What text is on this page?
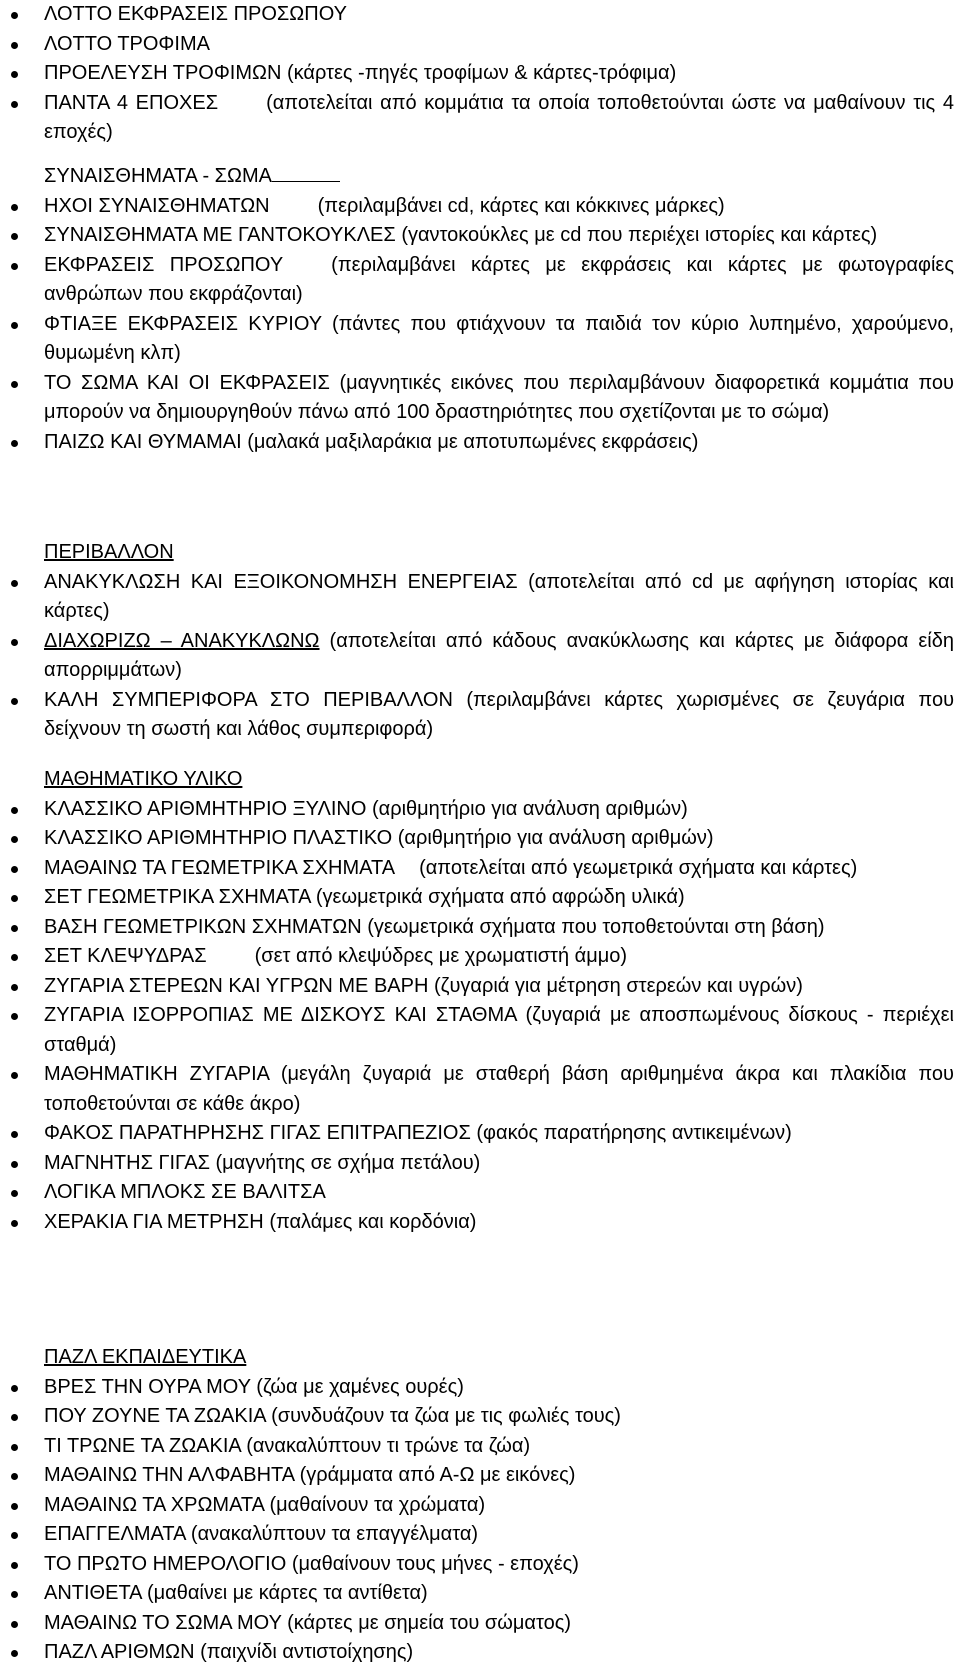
ΛΟΤΤΟ ΕΚΦΡΑΣΕΙΣ ΠΡΟΣΩΠΟΥ
ΛΟΤΤΟ ΤΡΟΦΙΜΑ
ΠΡΟΕΛΕΥΣΗ ΤΡΟΦΙΜΩΝ (κάρτες -πηγές τροφίμων & κάρτες-τρόφιμα)
ΠΑΝΤΑ 4 ΕΠΟΧΕΣ (αποτελείται από κομμάτια τα οποία τοποθετούνται ώστε να μαθαίνουν τις 4 εποχές)
ΣΥΝΑΙΣΘΗΜΑΤΑ - ΣΩΜΑ
ΗΧΟΙ ΣΥΝΑΙΣΘΗΜΑΤΩΝ (περιλαμβάνει cd, κάρτες και κόκκινες μάρκες)
ΣΥΝΑΙΣΘΗΜΑΤΑ ΜΕ ΓΑΝΤΟΚΟΥΚΛΕΣ (γαντοκούκλες με cd που περιέχει ιστορίες και κάρτες)
ΕΚΦΡΑΣΕΙΣ ΠΡΟΣΩΠΟΥ (περιλαμβάνει κάρτες με εκφράσεις και κάρτες με φωτογραφίες ανθρώπων που εκφράζονται)
ΦΤΙΑΞΕ ΕΚΦΡΑΣΕΙΣ ΚΥΡΙΟΥ (πάντες που φτιάχνουν τα παιδιά τον κύριο λυπημένο, χαρούμενο, θυμωμένη κλπ)
ΤΟ ΣΩΜΑ ΚΑΙ ΟΙ ΕΚΦΡΑΣΕΙΣ (μαγνητικές εικόνες που περιλαμβάνουν διαφορετικά κομμάτια που μπορούν να δημιουργηθούν πάνω από 100 δραστηριότητες που σχετίζονται με το σώμα)
ΠΑΙΖΩ ΚΑΙ ΘΥΜΑΜΑΙ (μαλακά μαξιλαράκια με αποτυπωμένες εκφράσεις)
ΠΕΡΙΒΑΛΛΟΝ
ΑΝΑΚΥΚΛΩΣΗ ΚΑΙ ΕΞΟΙΚΟΝΟΜΗΣΗ ΕΝΕΡΓΕΙΑΣ (αποτελείται από cd με αφήγηση ιστορίας και κάρτες)
ΔΙΑΧΩΡΙΖΩ – ΑΝΑΚΥΚΛΩΝΩ (αποτελείται από κάδους ανακύκλωσης και κάρτες με διάφορα είδη απορριμμάτων)
ΚΑΛΗ ΣΥΜΠΕΡΙΦΟΡΑ ΣΤΟ ΠΕΡΙΒΑΛΛΟΝ (περιλαμβάνει κάρτες χωρισμένες σε ζευγάρια που δείχνουν τη σωστή και λάθος συμπεριφορά)
ΜΑΘΗΜΑΤΙΚΟ ΥΛΙΚΟ
ΚΛΑΣΣΙΚΟ ΑΡΙΘΜΗΤΗΡΙΟ ΞΥΛΙΝΟ (αριθμητήριο για ανάλυση αριθμών)
ΚΛΑΣΣΙΚΟ ΑΡΙΘΜΗΤΗΡΙΟ ΠΛΑΣΤΙΚΟ (αριθμητήριο για ανάλυση αριθμών)
ΜΑΘΑΙΝΩ ΤΑ ΓΕΩΜΕΤΡΙΚΑ ΣΧΗΜΑΤΑ (αποτελείται από γεωμετρικά σχήματα και κάρτες)
ΣΕΤ ΓΕΩΜΕΤΡΙΚΑ ΣΧΗΜΑΤΑ (γεωμετρικά σχήματα από αφρώδη υλικά)
ΒΑΣΗ ΓΕΩΜΕΤΡΙΚΩΝ ΣΧΗΜΑΤΩΝ (γεωμετρικά σχήματα που τοποθετούνται στη βάση)
ΣΕΤ ΚΛΕΨΥΔΡΑΣ (σετ από κλεψύδρες με χρωματιστή άμμο)
ΖΥΓΑΡΙΑ ΣΤΕΡΕΩΝ ΚΑΙ ΥΓΡΩΝ ΜΕ ΒΑΡΗ (ζυγαριά για μέτρηση στερεών και υγρών)
ΖΥΓΑΡΙΑ ΙΣΟΡΡΟΠΙΑΣ ΜΕ ΔΙΣΚΟΥΣ ΚΑΙ ΣΤΑΘΜΑ (ζυγαριά με αποσπωμένους δίσκους - περιέχει σταθμά)
ΜΑΘΗΜΑΤΙΚΗ ΖΥΓΑΡΙΑ (μεγάλη ζυγαριά με σταθερή βάση αριθμημένα άκρα και πλακίδια που τοποθετούνται σε κάθε άκρο)
ΦΑΚΟΣ ΠΑΡΑΤΗΡΗΣΗΣ ΓΙΓΑΣ ΕΠΙΤΡΑΠΕΖΙΟΣ (φακός παρατήρησης αντικειμένων)
ΜΑΓΝΗΤΗΣ ΓΙΓΑΣ (μαγνήτης σε σχήμα πετάλου)
ΛΟΓΙΚΑ ΜΠΛΟΚΣ ΣΕ ΒΑΛΙΤΣΑ
ΧΕΡΑΚΙΑ ΓΙΑ ΜΕΤΡΗΣΗ (παλάμες και κορδόνια)
ΠΑΖΛ ΕΚΠΑΙΔΕΥΤΙΚΑ
ΒΡΕΣ ΤΗΝ ΟΥΡΑ ΜΟΥ (ζώα με χαμένες ουρές)
ΠΟΥ ΖΟΥΝΕ ΤΑ ΖΩΑΚΙΑ (συνδυάζουν τα ζώα με τις φωλιές τους)
ΤΙ ΤΡΩΝΕ ΤΑ ΖΩΑΚΙΑ (ανακαλύπτουν τι τρώνε τα ζώα)
ΜΑΘΑΙΝΩ ΤΗΝ ΑΛΦΑΒΗΤΑ (γράμματα από Α-Ω με εικόνες)
ΜΑΘΑΙΝΩ ΤΑ ΧΡΩΜΑΤΑ (μαθαίνουν τα χρώματα)
ΕΠΑΓΓΕΛΜΑΤΑ (ανακαλύπτουν τα επαγγέλματα)
ΤΟ ΠΡΩΤΟ ΗΜΕΡΟΛΟΓΙΟ (μαθαίνουν τους μήνες - εποχές)
ΑΝΤΙΘΕΤΑ (μαθαίνει με κάρτες τα αντίθετα)
ΜΑΘΑΙΝΩ ΤΟ ΣΩΜΑ ΜΟΥ (κάρτες με σημεία του σώματος)
ΠΑΖΛ ΑΡΙΘΜΩΝ (παιχνίδι αντιστοίχησης)
